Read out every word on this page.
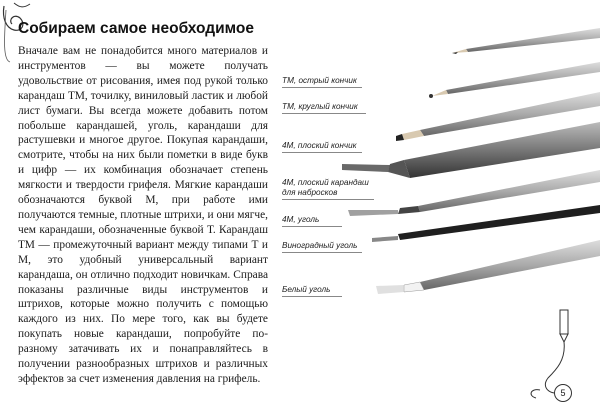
Собираем самое необходимое
Вначале вам не понадобится много материалов и инструментов — вы можете получать удовольствие от рисования, имея под рукой только карандаш ТМ, точилку, виниловый ластик и любой лист бумаги. Вы всегда можете добавить потом побольше карандашей, уголь, карандаши для растушевки и многое другое. Покупая карандаши, смотрите, чтобы на них были пометки в виде букв и цифр — их комбинация обозначает степень мягкости и твердости грифеля. Мягкие карандаши обозначаются буквой М, при работе ими получаются темные, плотные штрихи, и они мягче, чем карандаши, обозначенные буквой Т. Карандаш ТМ — промежуточный вариант между типами Т и М, это удобный универсальный вариант карандаша, он отлично подходит новичкам. Справа показаны различные виды инструментов и штрихов, которые можно получить с помощью каждого из них. По мере того, как вы будете покупать новые карандаши, попробуйте по-разному затачивать их и понаправляйтесь в получении разнообразных штрихов и различных эффектов за счет изменения давления на грифель.
ТМ, острый кончик
ТМ, круглый кончик
4М, плоский кончик
4М, плоский карандаш
для набросков
4М, уголь
Виноградный уголь
Белый уголь
5
